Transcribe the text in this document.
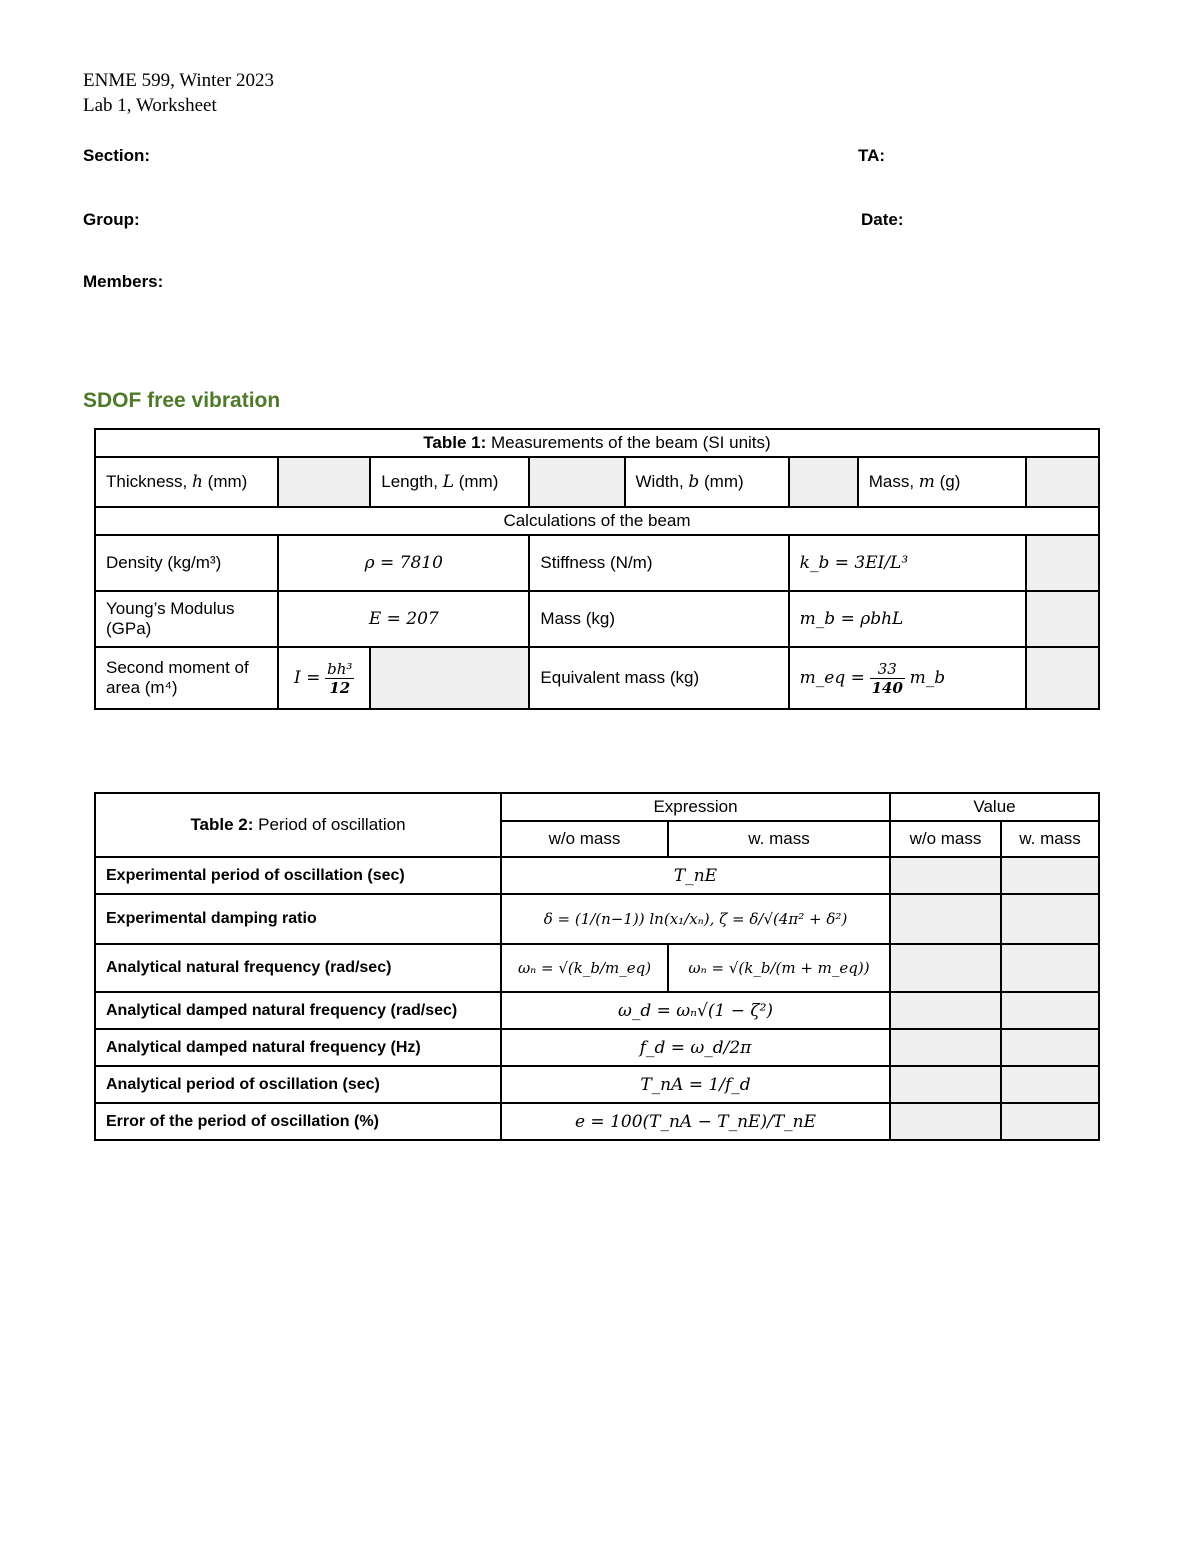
ENME 599, Winter 2023
Lab 1, Worksheet
Section:	TA:
Group:	Date:
Members:
SDOF free vibration
Table 1: Measurements of the beam (SI units)							
Thickness, h (mm)		Length, L (mm)		Width, b (mm)		Mass, m (g)	
Calculations of the beam							
Density (kg/m³)	ρ = 7810		Stiffness (N/m)		k_b = 3EI/L³		
Young’s Modulus (GPa)	E = 207		Mass (kg)		m_b = ρbhL		
Second moment of area (m⁴)	$I = \frac{\text{bh³}}{12}$		Equivalent mass (kg)		m_eq = $\frac{33}{140}$ m_b		
Table 2: Period of oscillation	Expression		Value	
	w/o mass	w. mass	w/o mass	w. mass
Experimental period of oscillation (sec)	T_nE			
Experimental damping ratio	δ = (1/(n−1)) ln(x₁/xₙ), ζ = δ/√(4π² + δ²)			
Analytical natural frequency (rad/sec)	ωₙ = √(k_b/m_eq)	ωₙ = √(k_b/(m + m_eq))		
Analytical damped natural frequency (rad/sec)	ω_d = ωₙ√(1 − ζ²)			
Analytical damped natural frequency (Hz)	f_d = ω_d/2π			
Analytical period of oscillation (sec)	T_nA = 1/f_d			
Error of the period of oscillation (%)	e = 100(T_nA − T_nE)/T_nE			
